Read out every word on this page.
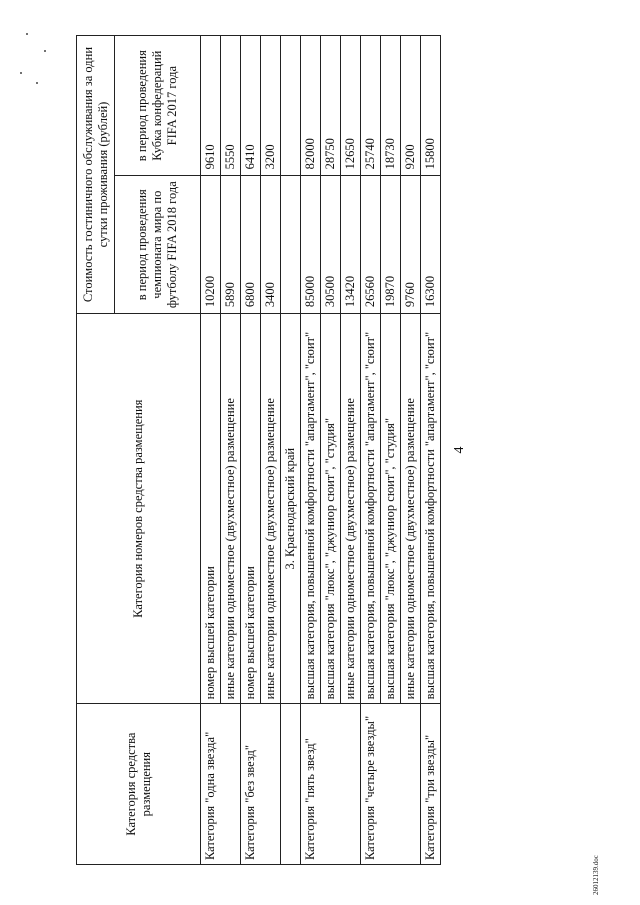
4
Категория средства размещения	Категория номеров средства размещения	Стоимость гостиничного обслуживания за одни сутки проживания (рублей)	
		в период проведения чемпионата мира по футболу FIFA 2018 года	в период проведения Кубка конфедераций FIFA 2017 года
Категория "одна звезда"	номер высшей категории	10200	9610
	иные категории одноместное (двухместное) размещение	5890	5550
Категория "без звезд"	номер высшей категории	6800	6410
	иные категории одноместное (двухместное) размещение	3400	3200
	3. Краснодарский край		
Категория "пять звезд"	высшая категория, повышенной комфортности "апартамент", "сюит"	85000	82000
	высшая категория "люкс", "джуниор сюит", "студия"	30500	28750
	иные категории одноместное (двухместное) размещение	13420	12650
Категория "четыре звезды"	высшая категория, повышенной комфортности "апартамент", "сюит"	26560	25740
	высшая категория "люкс", "джуниор сюит", "студия"	19870	18730
	иные категории одноместное (двухместное) размещение	9760	9200
Категория "три звезды"	высшая категория, повышенной комфортности "апартамент", "сюит"	16300	15800
26012139.doc
